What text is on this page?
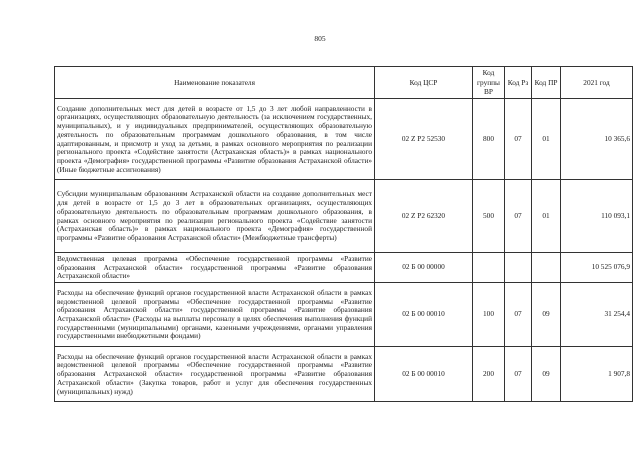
805
Наименование показателя	Код ЦСР	Код группы ВР	Код Рз	Код ПР	2021 год
Создание дополнительных мест для детей в возрасте от 1,5 до 3 лет любой направленности в организациях, осуществляющих образовательную деятельность (за исключением государственных, муниципальных), и у индивидуальных предпринимателей, осуществляющих образовательную деятельность по образовательным программам дошкольного образования, в том числе адаптированным, и присмотр и уход за детьми, в рамках основного мероприятия по реализации регионального проекта «Содействие занятости (Астраханская область)» в рамках национального проекта «Демография» государственной программы «Развитие образования Астраханской области» (Иные бюджетные ассигнования)	02 Z P2 52530	800	07	01	10 365,6
Субсидии муниципальным образованиям Астраханской области на создание дополнительных мест для детей в возрасте от 1,5 до 3 лет в образовательных организациях, осуществляющих образовательную деятельность по образовательным программам дошкольного образования, в рамках основного мероприятия по реализации регионального проекта «Содействие занятости (Астраханская область)» в рамках национального проекта «Демография» государственной программы «Развитие образования Астраханской области» (Межбюджетные трансферты)	02 Z P2 62320	500	07	01	110 093,1
Ведомственная целевая программа «Обеспечение государственной программы «Развитие образования Астраханской области» государственной программы «Развитие образования Астраханской области»	02 Б 00 00000				10 525 076,9
Расходы на обеспечение функций органов государственной власти Астраханской области в рамках ведомственной целевой программы «Обеспечение государственной программы «Развитие образования Астраханской области» государственной программы «Развитие образования Астраханской области» (Расходы на выплаты персоналу в целях обеспечения выполнения функций государственными (муниципальными) органами, казенными учреждениями, органами управления государственными внебюджетными фондами)	02 Б 00 00010	100	07	09	31 254,4
Расходы на обеспечение функций органов государственной власти Астраханской области в рамках ведомственной целевой программы «Обеспечение государственной программы «Развитие образования Астраханской области» государственной программы «Развитие образования Астраханской области» (Закупка товаров, работ и услуг для обеспечения государственных (муниципальных) нужд)	02 Б 00 00010	200	07	09	1 907,8
